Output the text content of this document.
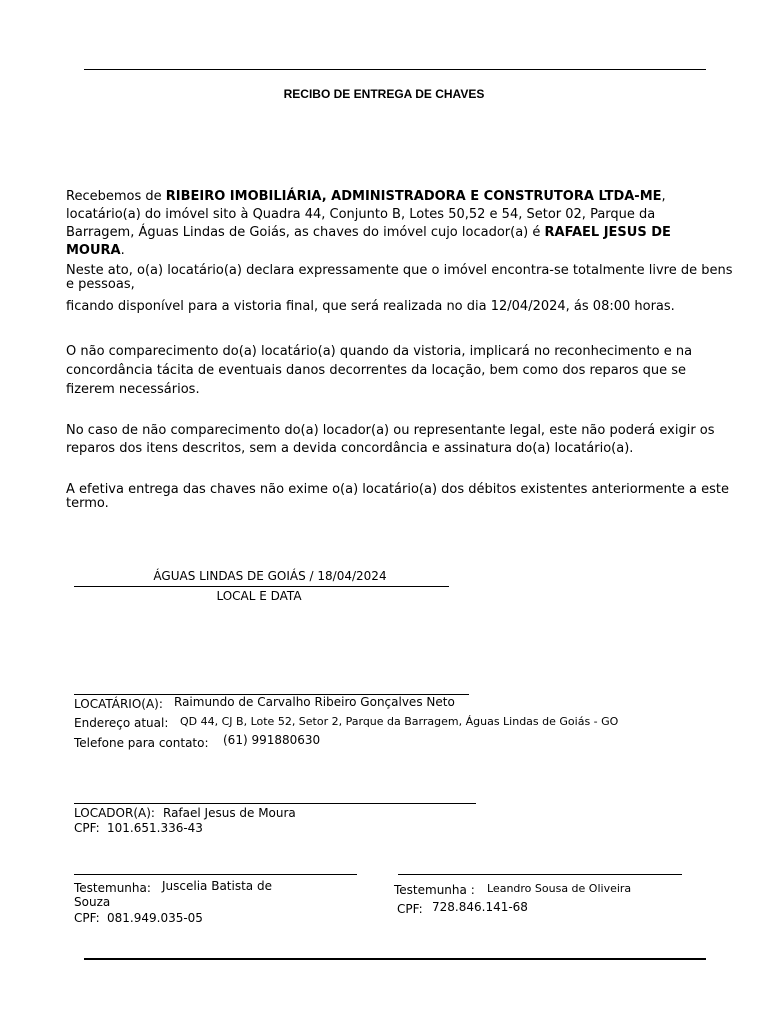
RECIBO DE ENTREGA DE CHAVES
Recebemos de RIBEIRO IMOBILIÁRIA, ADMINISTRADORA E CONSTRUTORA LTDA-ME, locatário(a) do imóvel sito à Quadra 44, Conjunto B, Lotes 50,52 e 54, Setor 02, Parque da Barragem, Águas Lindas de Goiás, as chaves do imóvel cujo locador(a) é RAFAEL JESUS DE MOURA.
Neste ato, o(a) locatário(a) declara expressamente que o imóvel encontra-se totalmente livre de bens e pessoas,
ficando disponível para a vistoria final, que será realizada no dia 12/04/2024, ás 08:00 horas.
O não comparecimento do(a) locatário(a) quando da vistoria, implicará no reconhecimento e na concordância tácita de eventuais danos decorrentes da locação, bem como dos reparos que se fizerem necessários.
No caso de não comparecimento do(a) locador(a) ou representante legal, este não poderá exigir os reparos dos itens descritos, sem a devida concordância e assinatura do(a) locatário(a).
A efetiva entrega das chaves não exime o(a) locatário(a) dos débitos existentes anteriormente a este termo.
ÁGUAS LINDAS DE GOIÁS / 18/04/2024
LOCAL E DATA
LOCATÁRIO(A): Raimundo de Carvalho Ribeiro Gonçalves Neto
Endereço atual: QD 44, CJ B, Lote 52, Setor 2, Parque da Barragem, Águas Lindas de Goiás - GO
Telefone para contato: (61) 991880630
LOCADOR(A): Rafael Jesus de Moura
CPF: 101.651.336-43
Testemunha: Juscelia Batista de
Souza
CPF: 081.949.035-05
Testemunha : Leandro Sousa de Oliveira
CPF: 728.846.141-68
